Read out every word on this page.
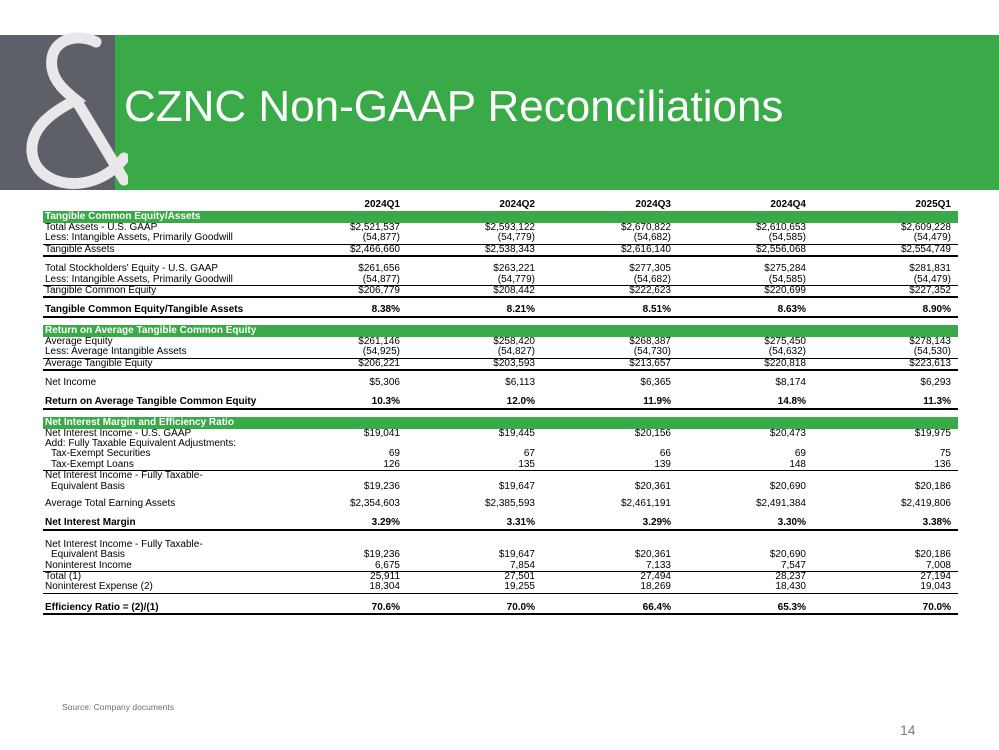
CZNC Non-GAAP Reconciliations
2024Q1	2024Q2	2024Q3	2024Q4	2025Q1
Tangible Common Equity/Assets
Total Assets - U.S. GAAP	$2,521,537	$2,593,122	$2,670,822	$2,610,653	$2,609,228
Less: Intangible Assets, Primarily Goodwill	(54,877)	(54,779)	(54,682)	(54,585)	(54,479)
Tangible Assets	$2,466,660	$2,538,343	$2,616,140	$2,556,068	$2,554,749
Total Stockholders' Equity - U.S. GAAP	$261,656	$263,221	$277,305	$275,284	$281,831
Less: Intangible Assets, Primarily Goodwill	(54,877)	(54,779)	(54,682)	(54,585)	(54,479)
Tangible Common Equity	$206,779	$208,442	$222,623	$220,699	$227,352
Tangible Common Equity/Tangible Assets	8.38%	8.21%	8.51%	8.63%	8.90%
Return on Average Tangible Common Equity
Average Equity	$261,146	$258,420	$268,387	$275,450	$278,143
Less: Average Intangible Assets	(54,925)	(54,827)	(54,730)	(54,632)	(54,530)
Average Tangible Equity	$206,221	$203,593	$213,657	$220,818	$223,613
Net Income	$5,306	$6,113	$6,365	$8,174	$6,293
Return on Average Tangible Common Equity	10.3%	12.0%	11.9%	14.8%	11.3%
Net Interest Margin and Efficiency Ratio
Net Interest Income - U.S. GAAP	$19,041	$19,445	$20,156	$20,473	$19,975
Add: Fully Taxable Equivalent Adjustments:
Tax-Exempt Securities	69	67	66	69	75
Tax-Exempt Loans	126	135	139	148	136
Net Interest Income - Fully Taxable-
Equivalent Basis	$19,236	$19,647	$20,361	$20,690	$20,186
Average Total Earning Assets	$2,354,603	$2,385,593	$2,461,191	$2,491,384	$2,419,806
Net Interest Margin	3.29%	3.31%	3.29%	3.30%	3.38%
Net Interest Income - Fully Taxable-
Equivalent Basis	$19,236	$19,647	$20,361	$20,690	$20,186
Noninterest Income	6,675	7,854	7,133	7,547	7,008
Total (1)	25,911	27,501	27,494	28,237	27,194
Noninterest Expense (2)	18,304	19,255	18,269	18,430	19,043
Efficiency Ratio = (2)/(1)	70.6%	70.0%	66.4%	65.3%	70.0%
Source: Company documents
14
